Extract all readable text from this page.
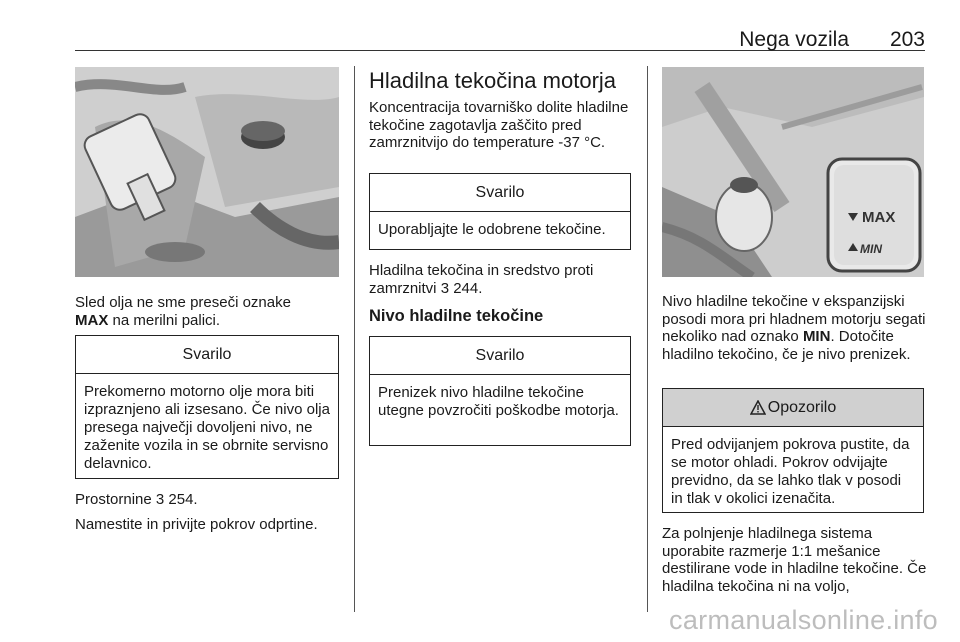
Nega vozila 203

Sled olja ne sme preseči oznake
MAX na merilni palici.

Svarilo
Prekomerno motorno olje mora biti izpraznjeno ali izsesano. Če nivo olja presega največji dovoljeni nivo, ne zaženite vozila in se obrnite servisno delavnico.

Prostornine 3 254.

Namestite in privijte pokrov odprtine.

Hladilna tekočina motorja

Koncentracija tovarniško dolite hladilne tekočine zagotavlja zaščito pred zamrznitvijo do temperature -37 °C.

Svarilo
Uporabljajte le odobrene tekočine.

Hladilna tekočina in sredstvo proti zamrznitvi 3 244.

Nivo hladilne tekočine
Svarilo
Prenizek nivo hladilne tekočine utegne povzročiti poškodbe motorja.
MAX
MIN

Nivo hladilne tekočine v ekspanzijski posodi mora pri hladnem motorju segati nekoliko nad oznako MIN. Dotočite hladilno tekočino, če je nivo prenizek.

Opozorilo
Pred odvijanjem pokrova pustite, da se motor ohladi. Pokrov odvijajte previdno, da se lahko tlak v posodi in tlak v okolici izenačita.

Za polnjenje hladilnega sistema uporabite razmerje 1:1 mešanice destilirane vode in hladilne tekočine. Če hladilna tekočina ni na voljo,

carmanualsonline.info
